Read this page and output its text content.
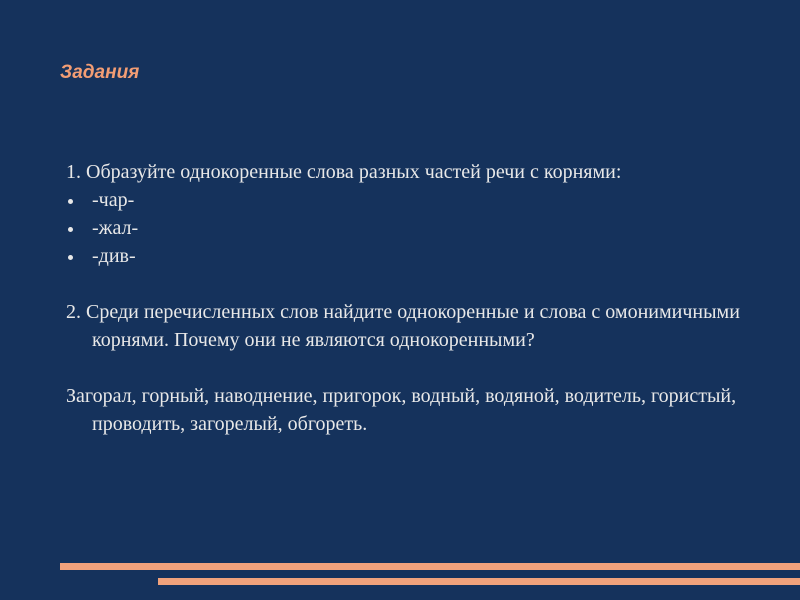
Задания

1. Образуйте однокоренные слова разных частей речи с корнями:

-чар-
-жал-
-див-

2. Среди перечисленных слов найдите однокоренные и слова с омонимичными корнями. Почему они не являются однокоренными?

Загорал, горный, наводнение, пригорок, водный, водяной, водитель, гористый, проводить, загорелый, обгореть.
